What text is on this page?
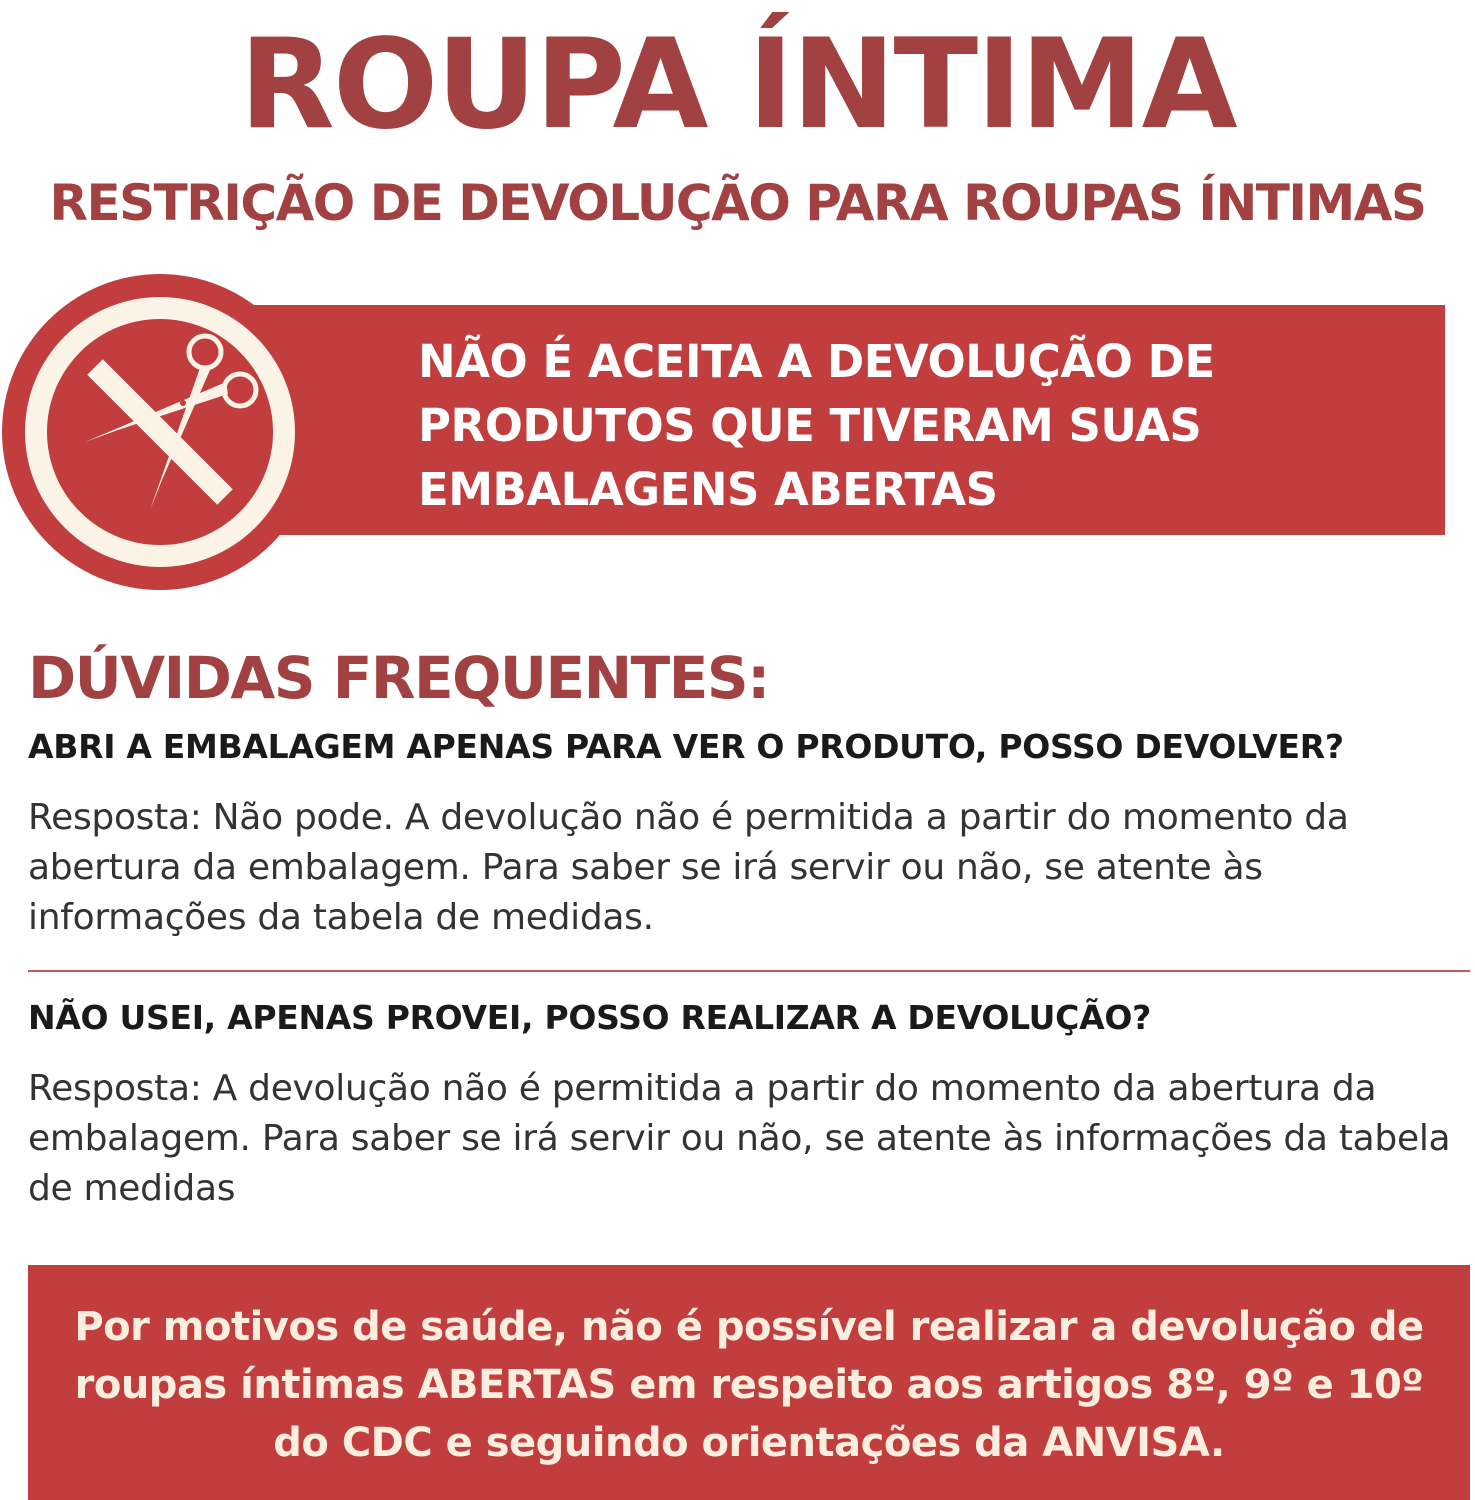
ROUPA ÍNTIMA
RESTRIÇÃO DE DEVOLUÇÃO PARA ROUPAS ÍNTIMAS
NÃO É ACEITA A DEVOLUÇÃO DE
PRODUTOS QUE TIVERAM SUAS
EMBALAGENS ABERTAS
DÚVIDAS FREQUENTES:
ABRI A EMBALAGEM APENAS PARA VER O PRODUTO, POSSO DEVOLVER?
Resposta: Não pode. A devolução não é permitida a partir do momento da abertura da embalagem. Para saber se irá servir ou não, se atente às informações da tabela de medidas.
NÃO USEI, APENAS PROVEI, POSSO REALIZAR A DEVOLUÇÃO?
Resposta: A devolução não é permitida a partir do momento da abertura da embalagem. Para saber se irá servir ou não, se atente às informações da tabela de medidas
Por motivos de saúde, não é possível realizar a devolução de
roupas íntimas ABERTAS em respeito aos artigos 8º, 9º e 10º
do CDC e seguindo orientações da ANVISA.
